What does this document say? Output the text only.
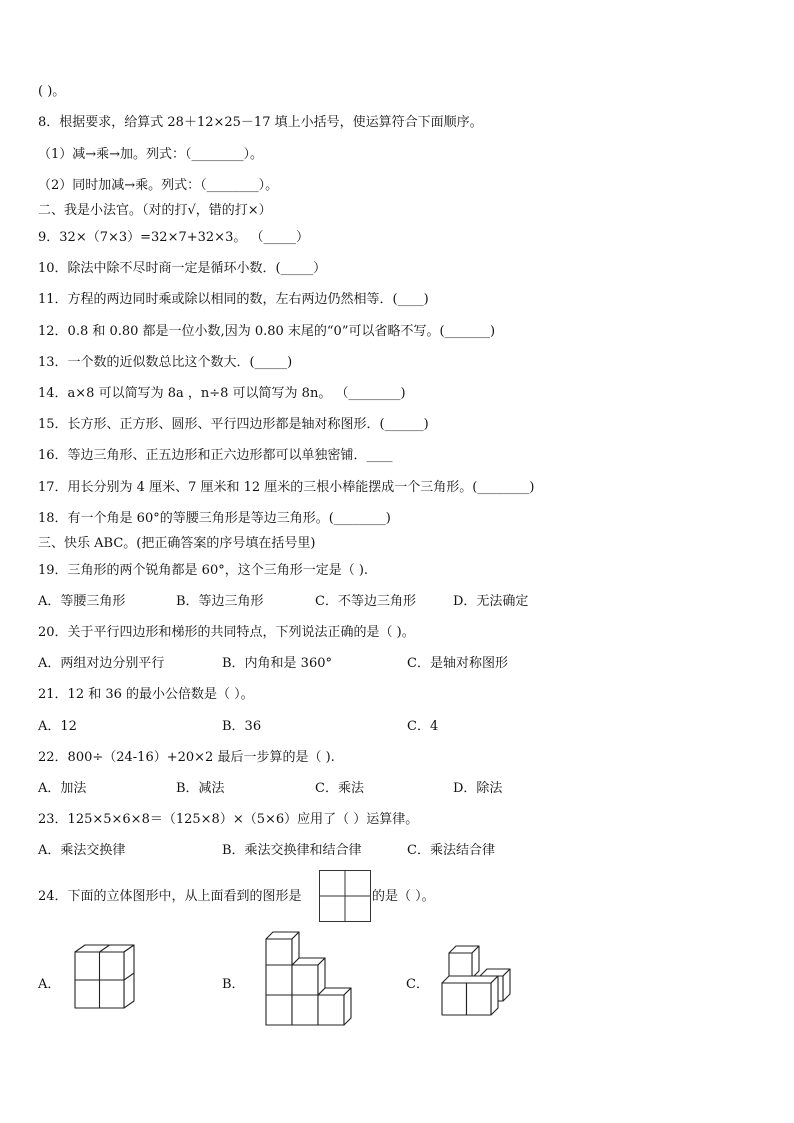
( )。
8．根据要求，给算式 28＋12×25－17 填上小括号，使运算符合下面顺序。
（1）减→乘→加。列式：（________）。
（2）同时加减→乘。列式：（________）。
二、我是小法官。（对的打√，错的打×）
9．32×（7×3）=32×7+32×3。 （_____）
10．除法中除不尽时商一定是循环小数．(_____）
11．方程的两边同时乘或除以相同的数，左右两边仍然相等．(____)
12．0.8 和 0.80 都是一位小数,因为 0.80 末尾的“0”可以省略不写。(_______)
13．一个数的近似数总比这个数大．(_____)
14．a×8 可以简写为 8a ，n÷8 可以简写为 8n。 （________)
15．长方形、正方形、圆形、平行四边形都是轴对称图形．(______)
16．等边三角形、正五边形和正六边形都可以单独密铺．____
17．用长分别为 4 厘米、7 厘米和 12 厘米的三根小棒能摆成一个三角形。(________)
18．有一个角是 60°的等腰三角形是等边三角形。(________)
三、快乐 ABC。(把正确答案的序号填在括号里)
19．三角形的两个锐角都是 60°，这个三角形一定是（ ).
A．等腰三角形	B．等边三角形	C．不等边三角形	D．无法确定
20．关于平行四边形和梯形的共同特点，下列说法正确的是（ )。
A．两组对边分别平行	B．内角和是 360°	C．是轴对称图形
21．12 和 36 的最小公倍数是（ ）。
A．12	B．36	C．4
22．800÷（24-16）+20×2 最后一步算的是（ ).
A．加法	B．减法	C．乘法	D．除法
23．125×5×6×8＝（125×8）×（5×6）应用了（ ）运算律。
A．乘法交换律	B．乘法交换律和结合律	C．乘法结合律
24．下面的立体图形中，从上面看到的图形是	的是（ ）。
A．	B．	C．
